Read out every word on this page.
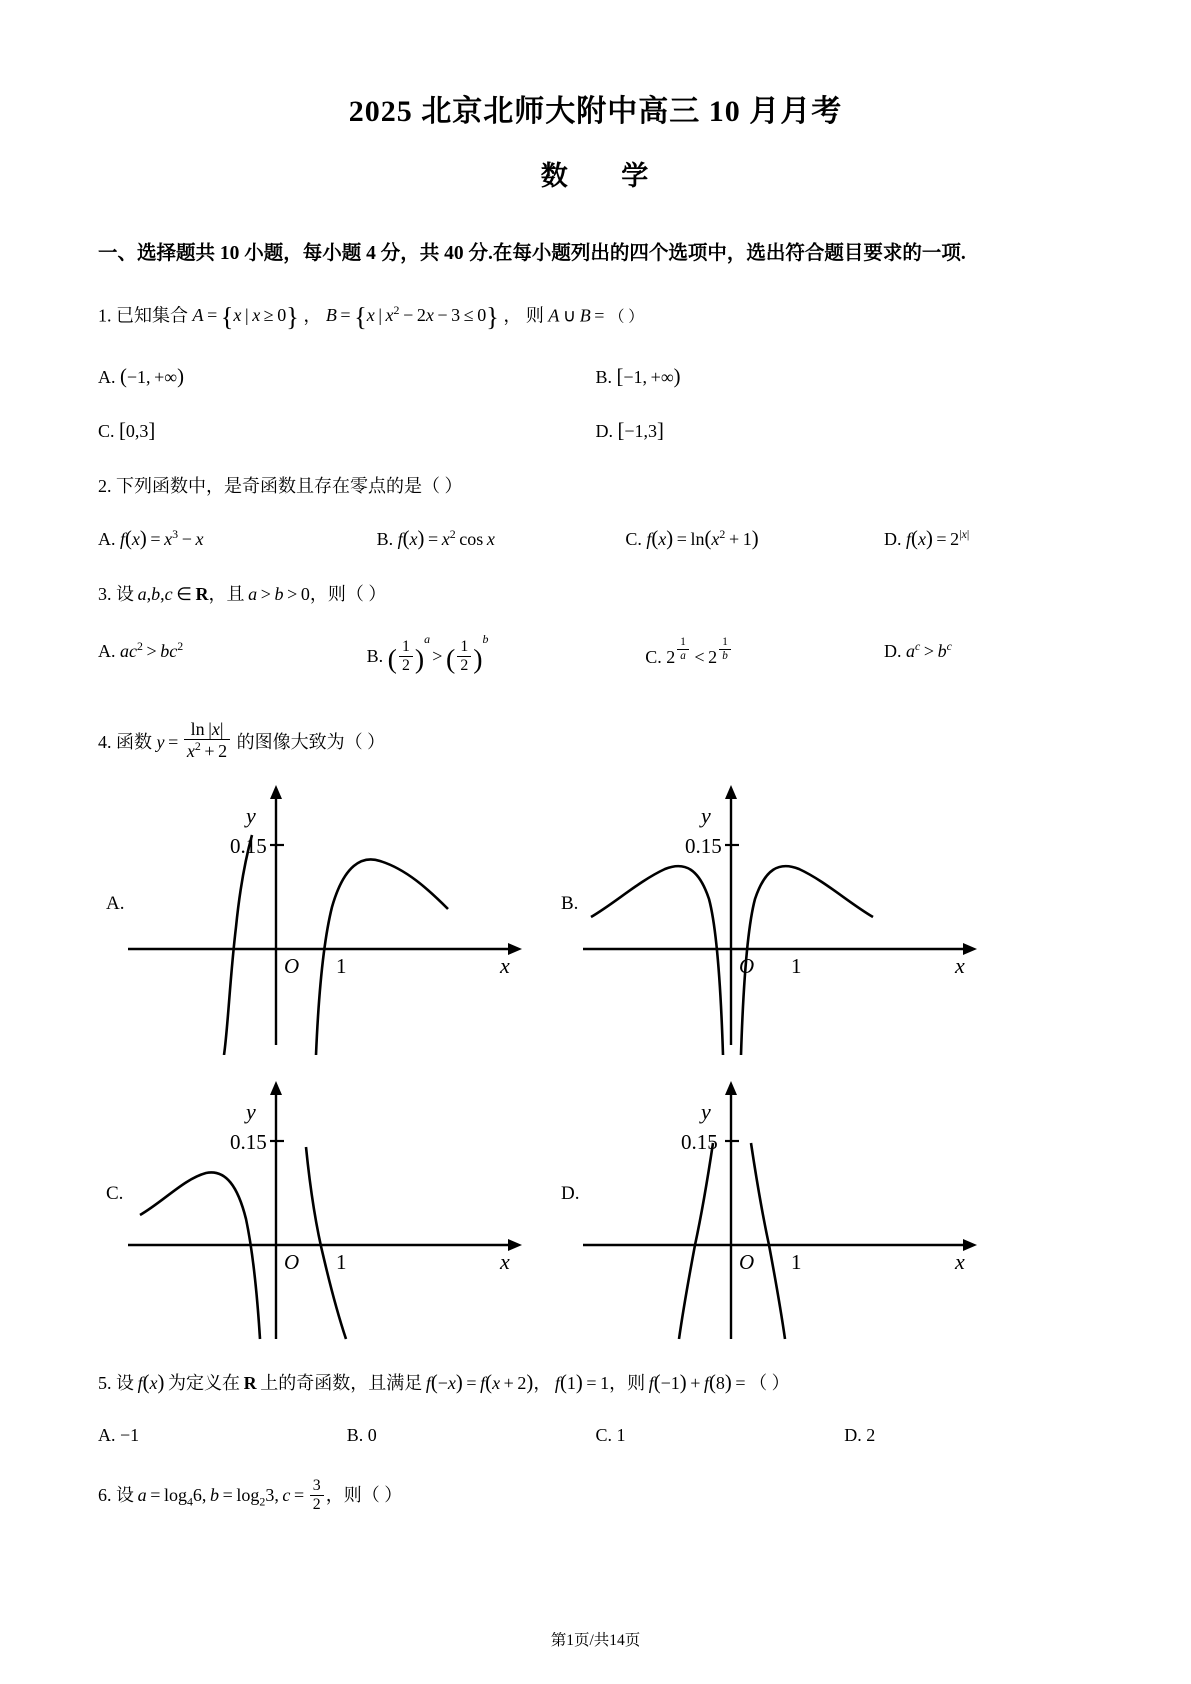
2025 北京北师大附中高三 10 月月考
数 学
一、选择题共 10 小题，每小题 4 分，共 40 分.在每小题列出的四个选项中，选出符合题目要求的一项.
1. 已知集合 A = {x | x ≥ 0} ， B = {x | $x^2 - 2x - 3 \le 0$} ， 则 A ∪ B = （ ）
A. (−1, +∞)	B. [−1, +∞)
C. [0,3]	D. [−1,3]
2. 下列函数中，是奇函数且存在零点的是（ ）
A. $f(x) = x^3 - x$	B. $f(x) = x^2$ cos x	C. $f(x) = \ln(x^2 + 1)$	D. $f(x) = 2^{|x|}$
3. 设 a,b,c ∈ R，且 a > b > 0，则（ ）
A. $ac^2 > bc^2$	B. ( $\frac{1}{2}$ )
a
 > ( $\frac{1}{2}$ )
b
C. $2 \frac{1}{a} < 2 \frac{1}{b}$	D. $a^c > b^c$
4. 函数 $y = \frac{\ln |x|}{x^2 + 2}$ 的图像大致为（ ）
A.
0.15
y
O 1	x
B.
0.15
y
O 1	x
C.
0.15
y
O 1	x
D.
0.15
y
O 1	x
5. 设 f(x) 为定义在 R 上的奇函数，且满足 f(−x) = f(x + 2)， f(1) = 1，则 f(−1) + f(8) = （ ）
A. −1	B. 0	C. 1	D. 2
6. 设 $a = \log_46$, $b = \log_23$, $c = \frac{3}{2}$ ，则（ ）
第1页/共14页
